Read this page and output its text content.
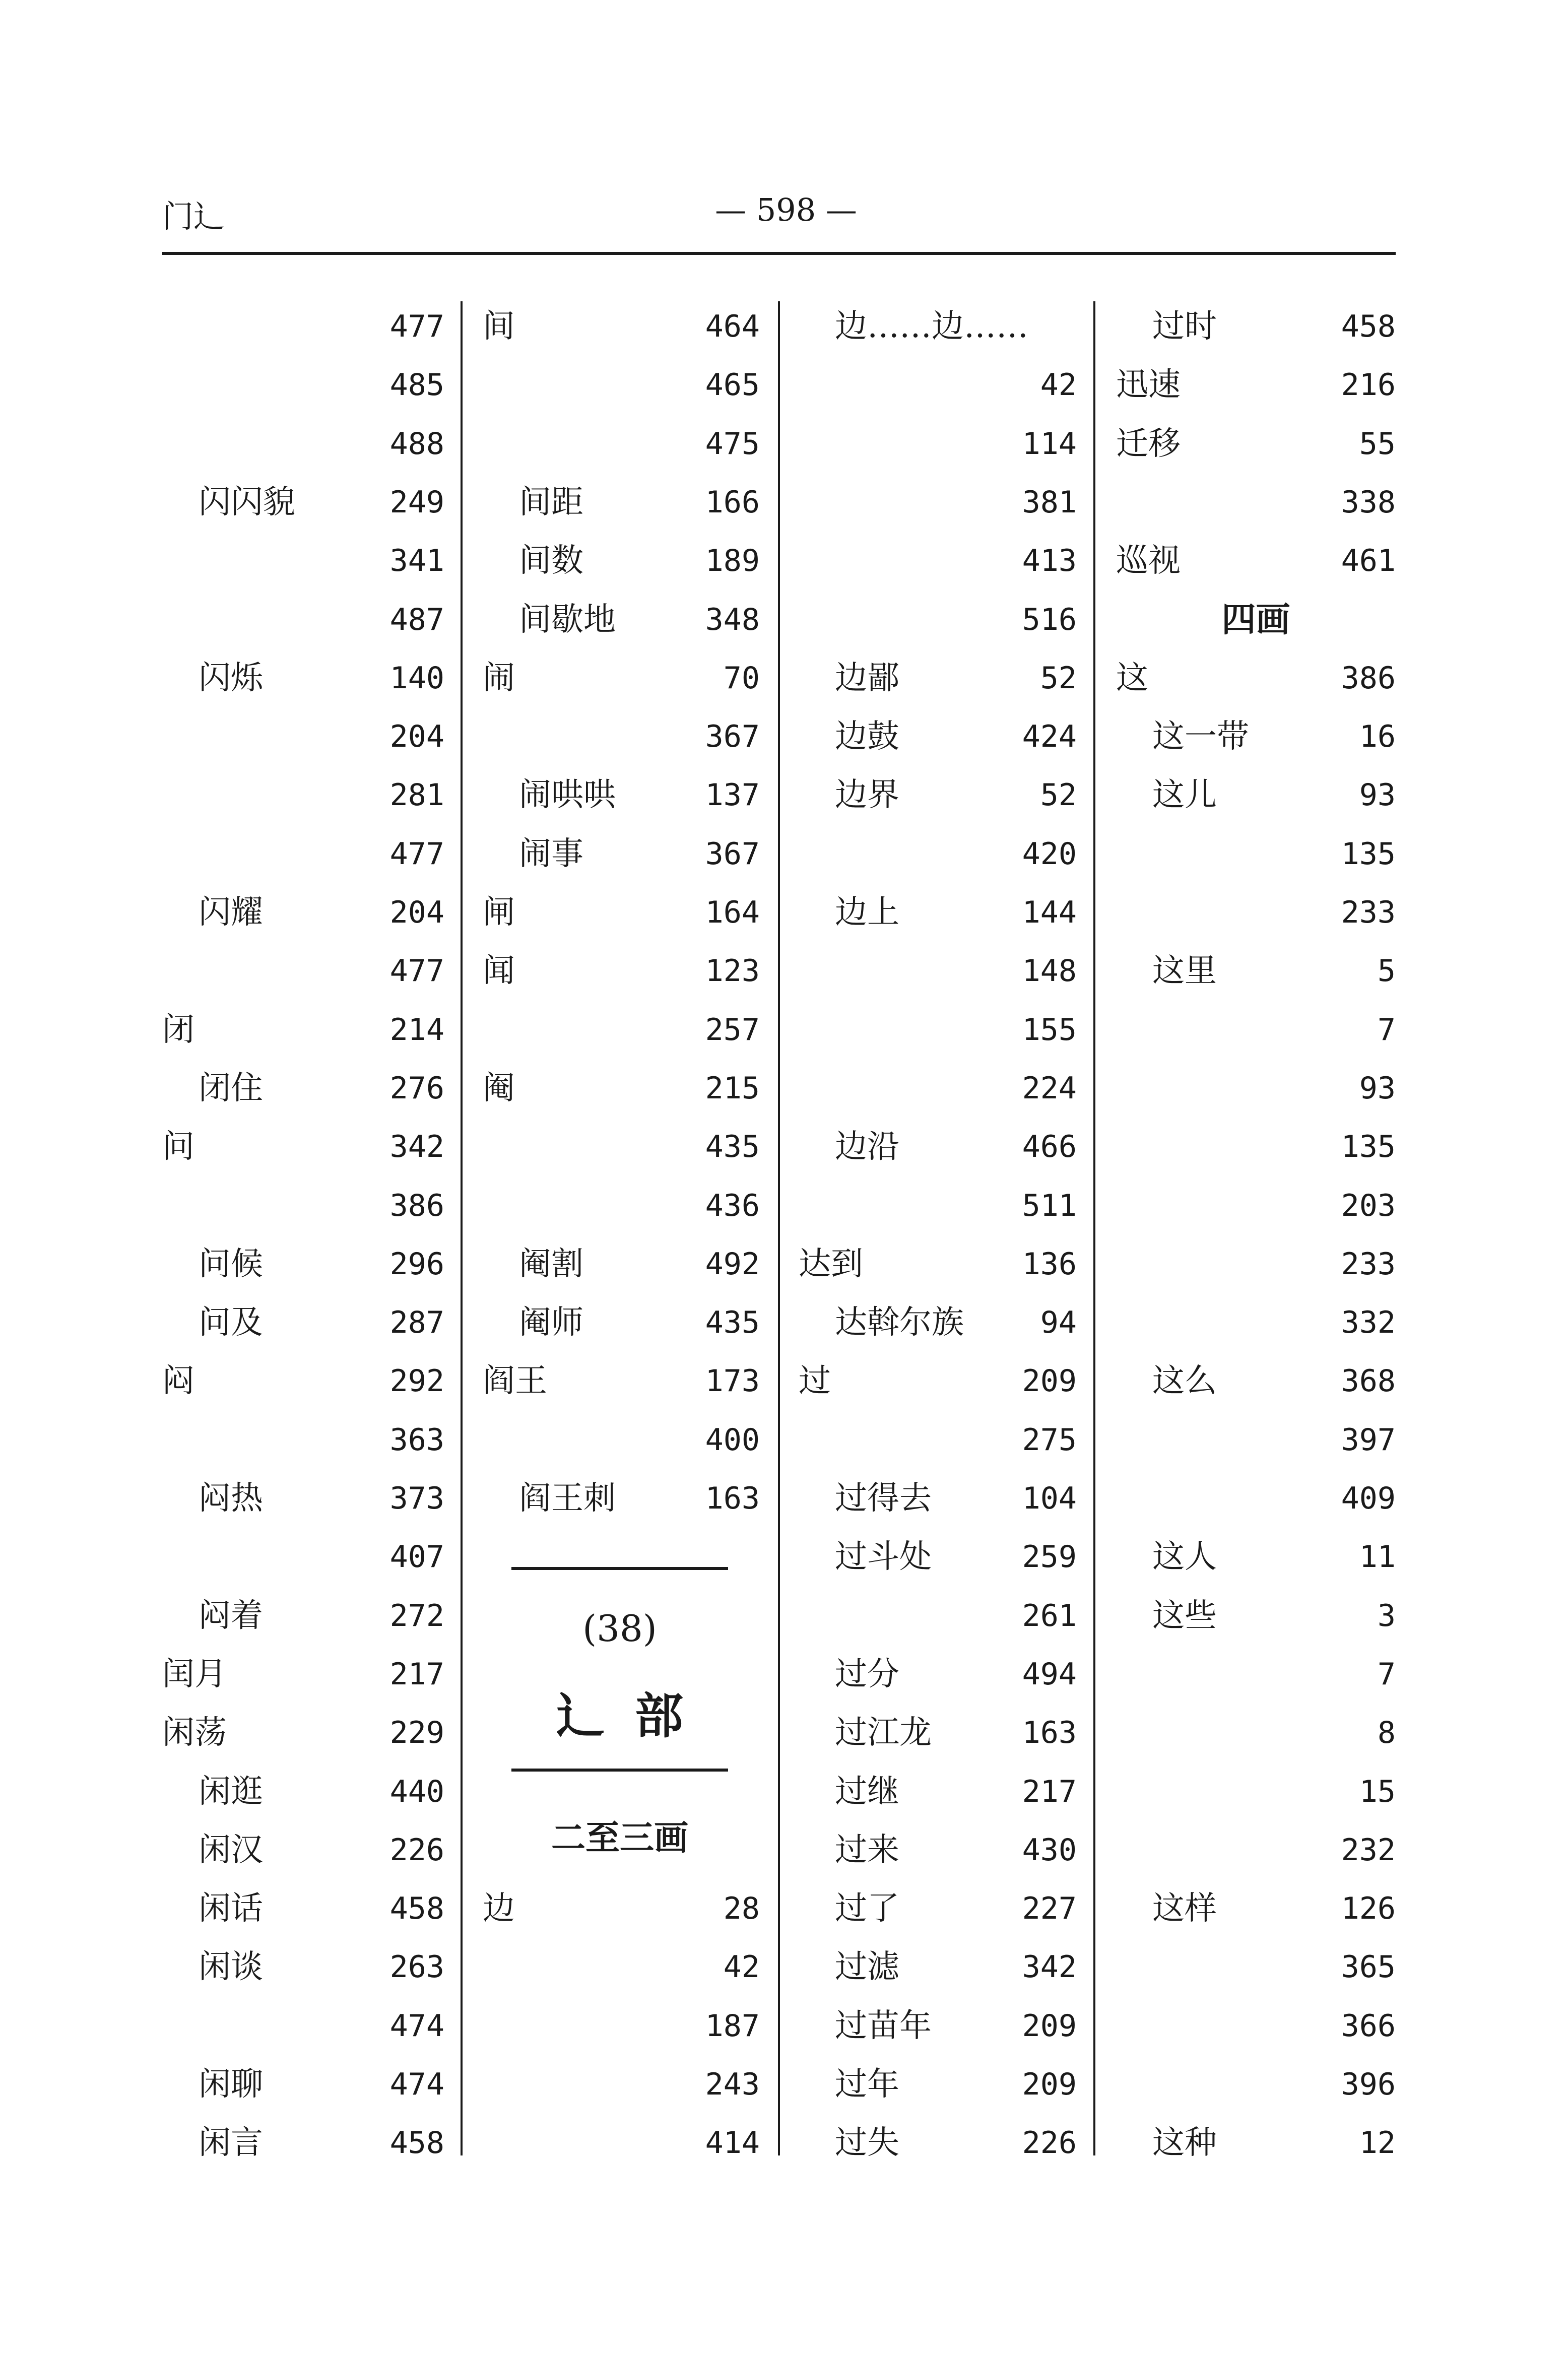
门辶	— 598 —
477
485
488
闪闪貌	249
341
487
闪烁	140
204
281
477
闪耀	204
477
闭	214
闭住	276
问	342
386
问候	296
问及	287
闷	292
363
闷热	373
407
闷着	272
闰月	217
闲荡	229
闲逛	440
闲汉	226
闲话	458
闲谈	263
474
闲聊	474
闲言	458
间	464
465
475
间距	166
间数	189
间歇地	348
闹	70
367
闹哄哄	137
闹事	367
闸	164
闻	123
257
阉	215
435
436
阉割	492
阉师	435
阎王	173
400
阎王刺	163
边	28
42
187
243
414
边……边……
42
114
381
413
516
边鄙	52
边鼓	424
边界	52
420
边上	144
148
155
224
边沿	466
511
达到	136
达斡尔族	94
过	209
275
过得去	104
过斗处	259
261
过分	494
过江龙	163
过继	217
过来	430
过了	227
过滤	342
过苗年	209
过年	209
过失	226
过时	458
迅速	216
迁移	55
338
巡视	461
四画
这	386
这一带	16
这儿	93
135
233
这里	5
7
93
135
203
233
332
这么	368
397
409
这人	11
这些	3
7
8
15
232
这样	126
365
366
396
这种	12
(38)
辶部
二至三画
